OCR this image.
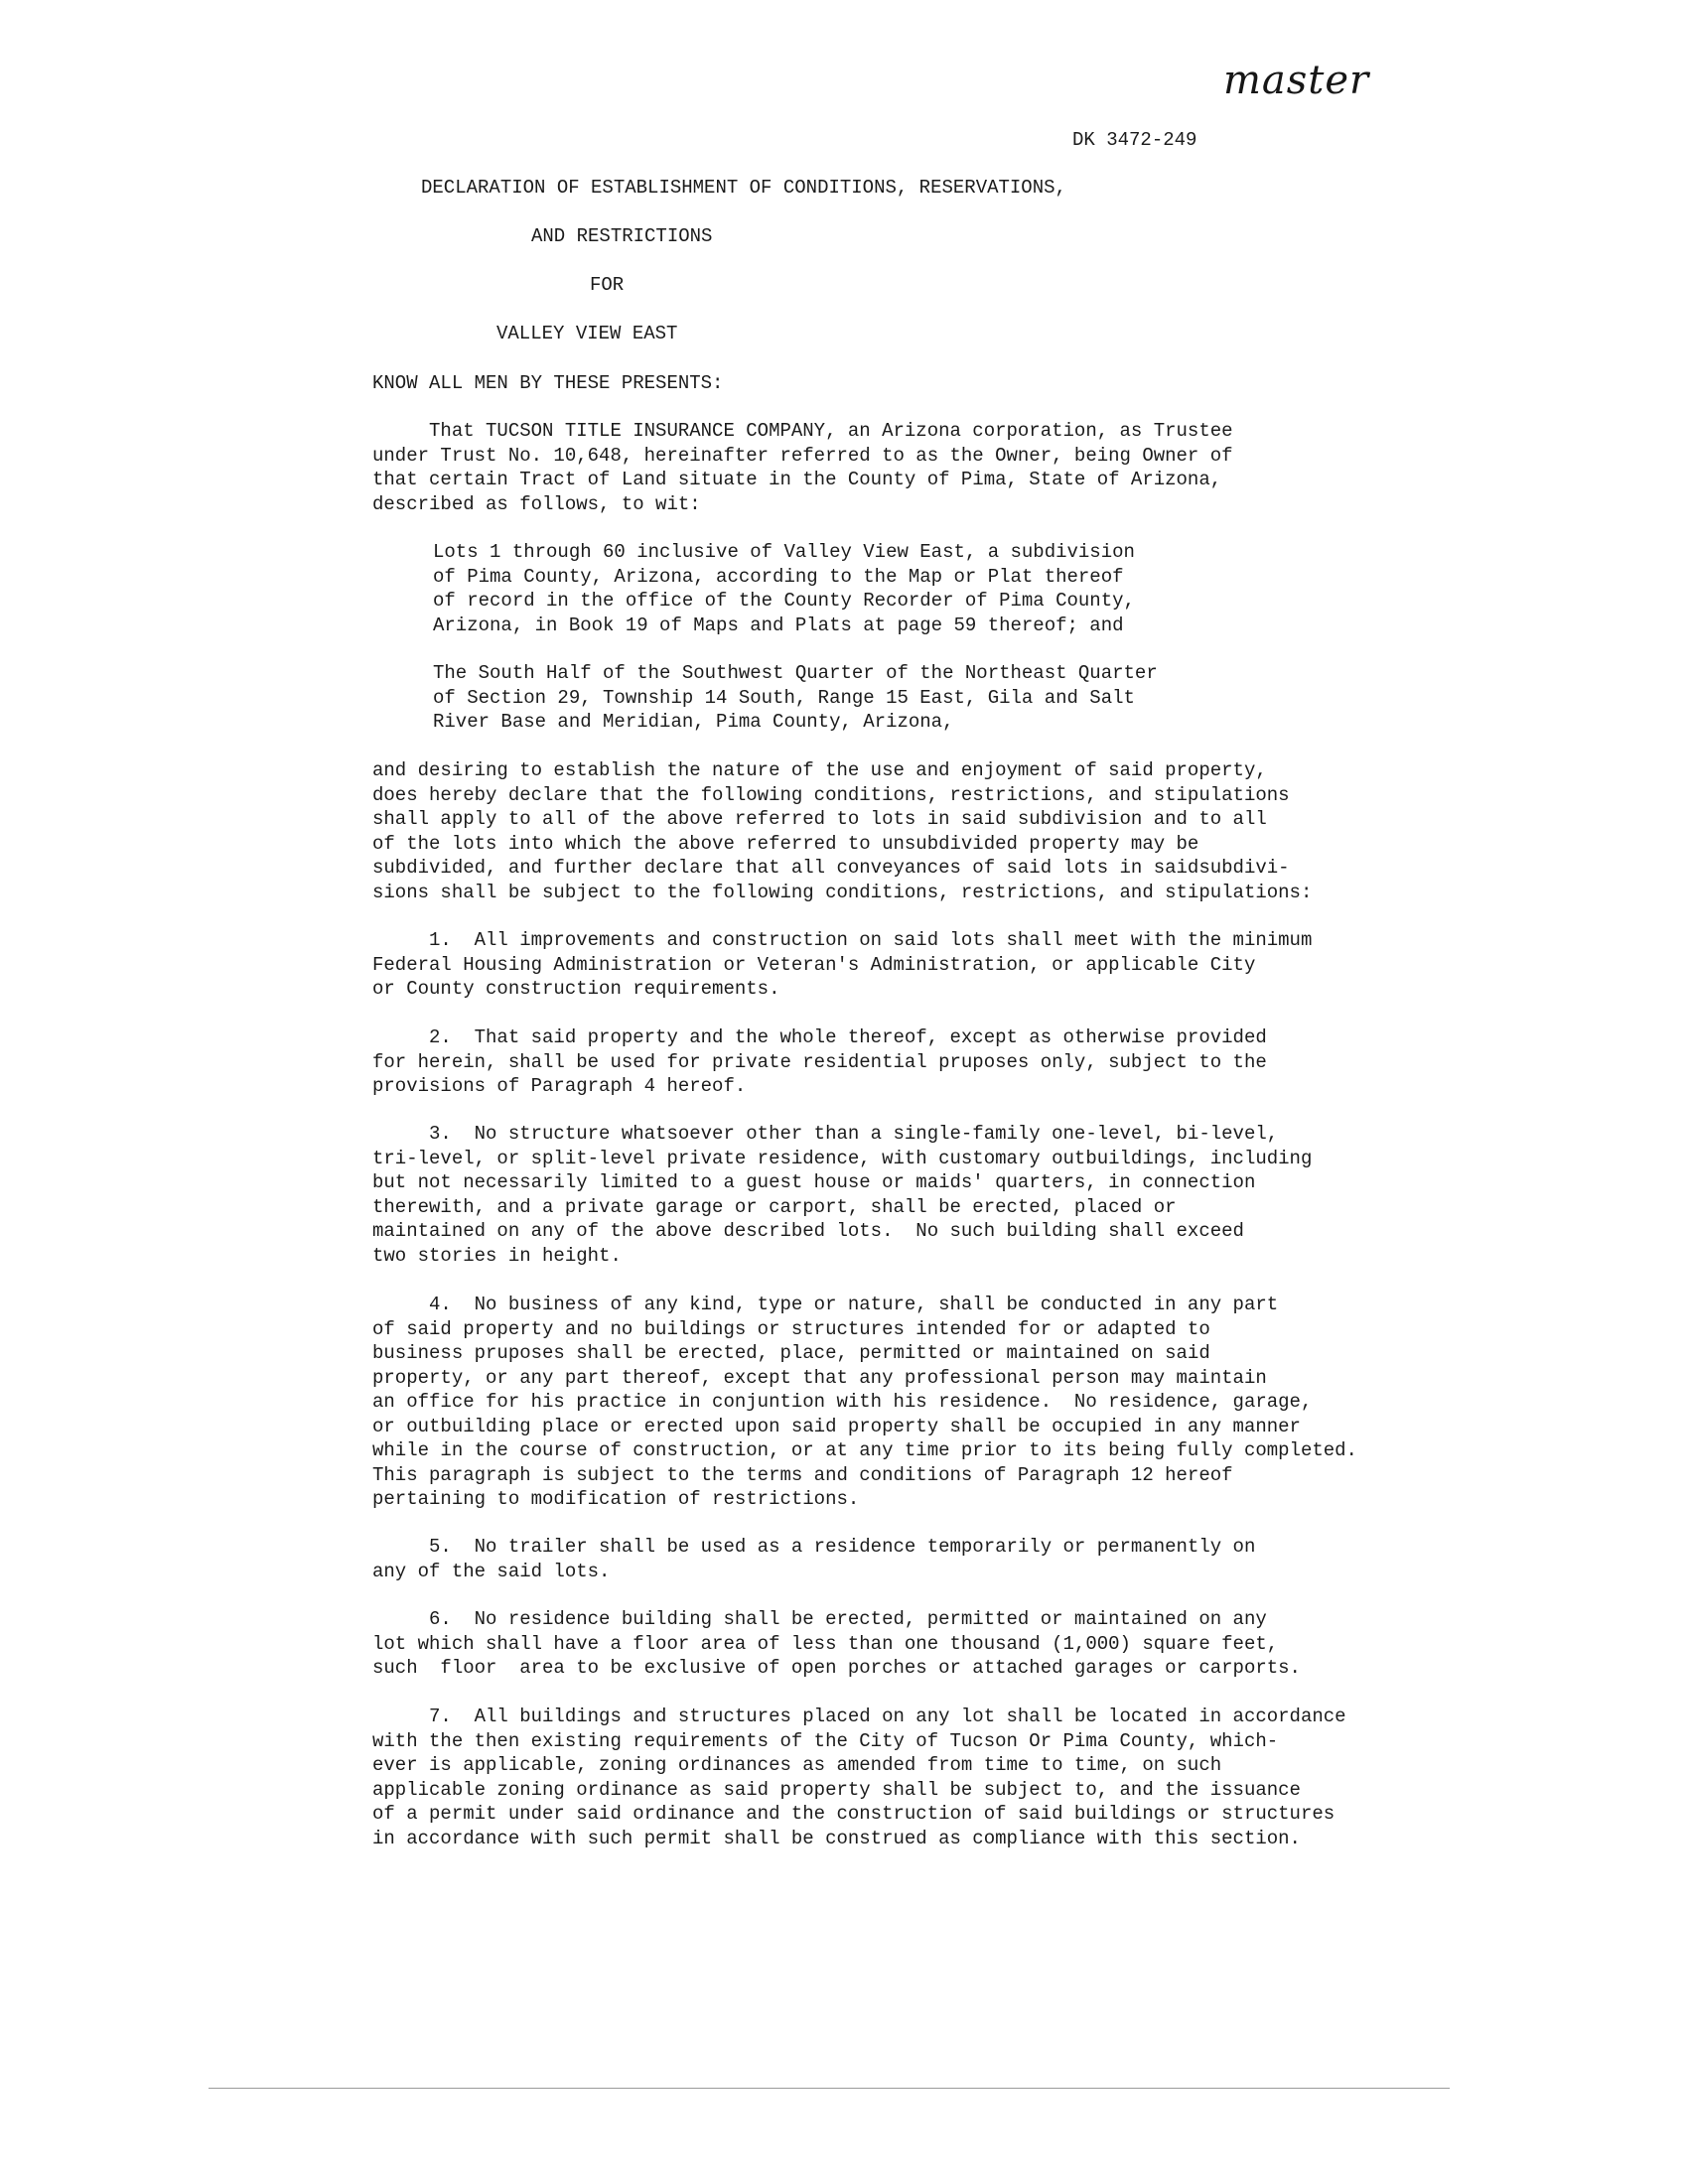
master
DK 3472-249
DECLARATION OF ESTABLISHMENT OF CONDITIONS, RESERVATIONS,
AND RESTRICTIONS
FOR
VALLEY VIEW EAST
KNOW ALL MEN BY THESE PRESENTS:
That TUCSON TITLE INSURANCE COMPANY, an Arizona corporation, as Trustee
under Trust No. 10,648, hereinafter referred to as the Owner, being Owner of
that certain Tract of Land situate in the County of Pima, State of Arizona,
described as follows, to wit:
Lots 1 through 60 inclusive of Valley View East, a subdivision
of Pima County, Arizona, according to the Map or Plat thereof
of record in the office of the County Recorder of Pima County,
Arizona, in Book 19 of Maps and Plats at page 59 thereof; and
The South Half of the Southwest Quarter of the Northeast Quarter
of Section 29, Township 14 South, Range 15 East, Gila and Salt
River Base and Meridian, Pima County, Arizona,
and desiring to establish the nature of the use and enjoyment of said property,
does hereby declare that the following conditions, restrictions, and stipulations
shall apply to all of the above referred to lots in said subdivision and to all
of the lots into which the above referred to unsubdivided property may be
subdivided, and further declare that all conveyances of said lots in saidsubdivi-
sions shall be subject to the following conditions, restrictions, and stipulations:
1.  All improvements and construction on said lots shall meet with the minimum
Federal Housing Administration or Veteran's Administration, or applicable City
or County construction requirements.
2.  That said property and the whole thereof, except as otherwise provided
for herein, shall be used for private residential pruposes only, subject to the
provisions of Paragraph 4 hereof.
3.  No structure whatsoever other than a single-family one-level, bi-level,
tri-level, or split-level private residence, with customary outbuildings, including
but not necessarily limited to a guest house or maids' quarters, in connection
therewith, and a private garage or carport, shall be erected, placed or
maintained on any of the above described lots.  No such building shall exceed
two stories in height.
4.  No business of any kind, type or nature, shall be conducted in any part
of said property and no buildings or structures intended for or adapted to
business pruposes shall be erected, place, permitted or maintained on said
property, or any part thereof, except that any professional person may maintain
an office for his practice in conjuntion with his residence.  No residence, garage,
or outbuilding place or erected upon said property shall be occupied in any manner
while in the course of construction, or at any time prior to its being fully completed.
This paragraph is subject to the terms and conditions of Paragraph 12 hereof
pertaining to modification of restrictions.
5.  No trailer shall be used as a residence temporarily or permanently on
any of the said lots.
6.  No residence building shall be erected, permitted or maintained on any
lot which shall have a floor area of less than one thousand (1,000) square feet,
such  floor  area to be exclusive of open porches or attached garages or carports.
7.  All buildings and structures placed on any lot shall be located in accordance
with the then existing requirements of the City of Tucson Or Pima County, which-
ever is applicable, zoning ordinances as amended from time to time, on such
applicable zoning ordinance as said property shall be subject to, and the issuance
of a permit under said ordinance and the construction of said buildings or structures
in accordance with such permit shall be construed as compliance with this section.
